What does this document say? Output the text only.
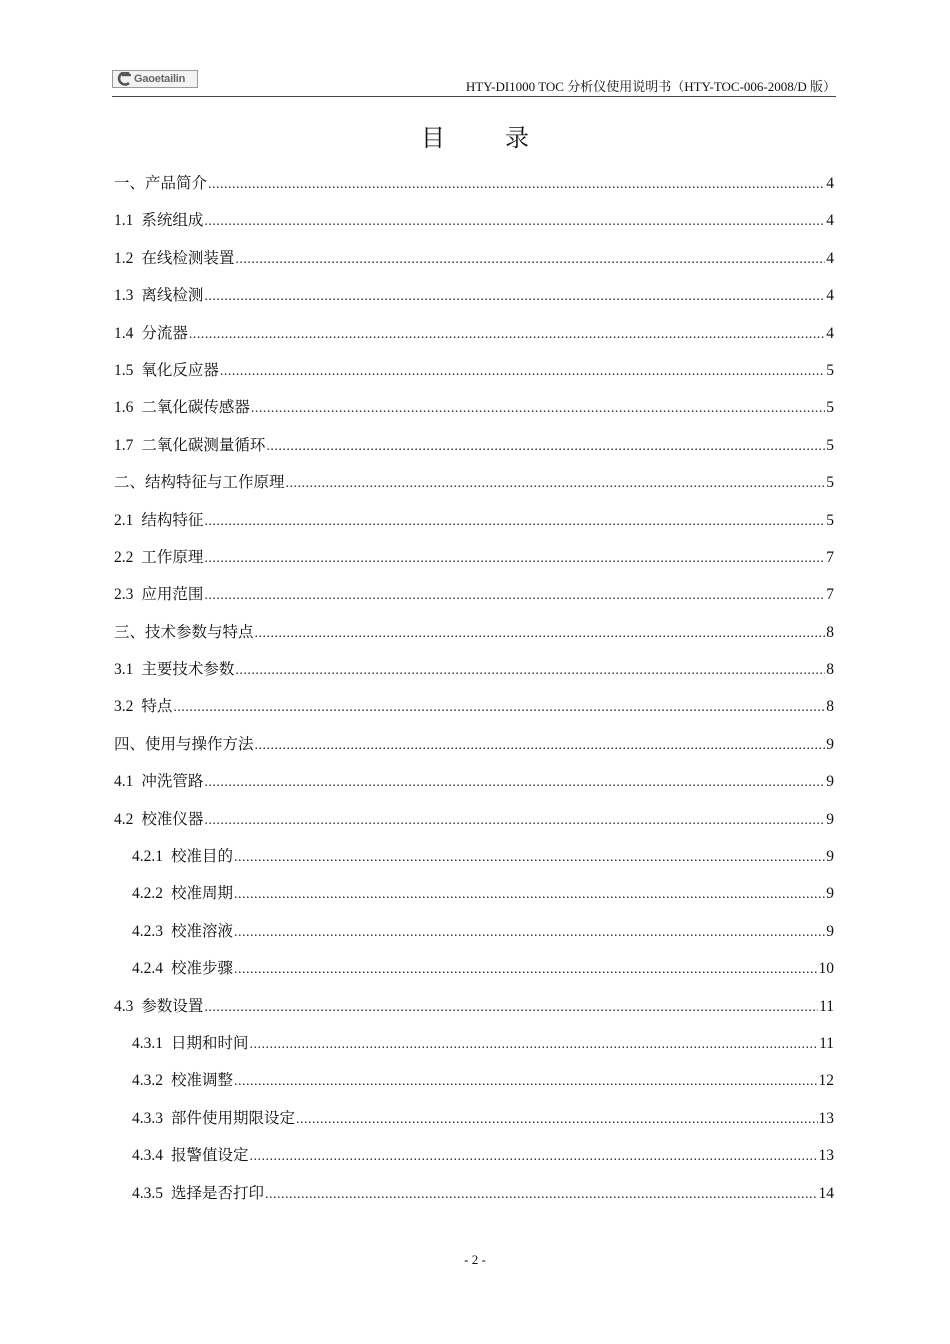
Gaoetailin	HTY-DI1000 TOC 分析仪使用说明书（HTY-TOC-006-2008/D 版）
目录
一、产品简介 .....	4
1.1 系统组成 .....	4
1.2 在线检测装置 .....	4
1.3 离线检测 .....	4
1.4 分流器 .....	4
1.5 氧化反应器 .....	5
1.6 二氧化碳传感器 .....	5
1.7 二氧化碳测量循环 .....	5
二、结构特征与工作原理 .....	5
2.1 结构特征 .....	5
2.2 工作原理 .....	7
2.3 应用范围 .....	7
三、技术参数与特点 .....	8
3.1 主要技术参数 .....	8
3.2 特点 .....	8
四、使用与操作方法 .....	9
4.1 冲洗管路 .....	9
4.2 校准仪器 .....	9
4.2.1 校准目的 .....	9
4.2.2 校准周期 .....	9
4.2.3 校准溶液 .....	9
4.2.4 校准步骤 .....	10
4.3 参数设置 .....	11
4.3.1 日期和时间 .....	11
4.3.2 校准调整 .....	12
4.3.3 部件使用期限设定 .....	13
4.3.4 报警值设定 .....	13
4.3.5 选择是否打印 .....	14
- 2 -
